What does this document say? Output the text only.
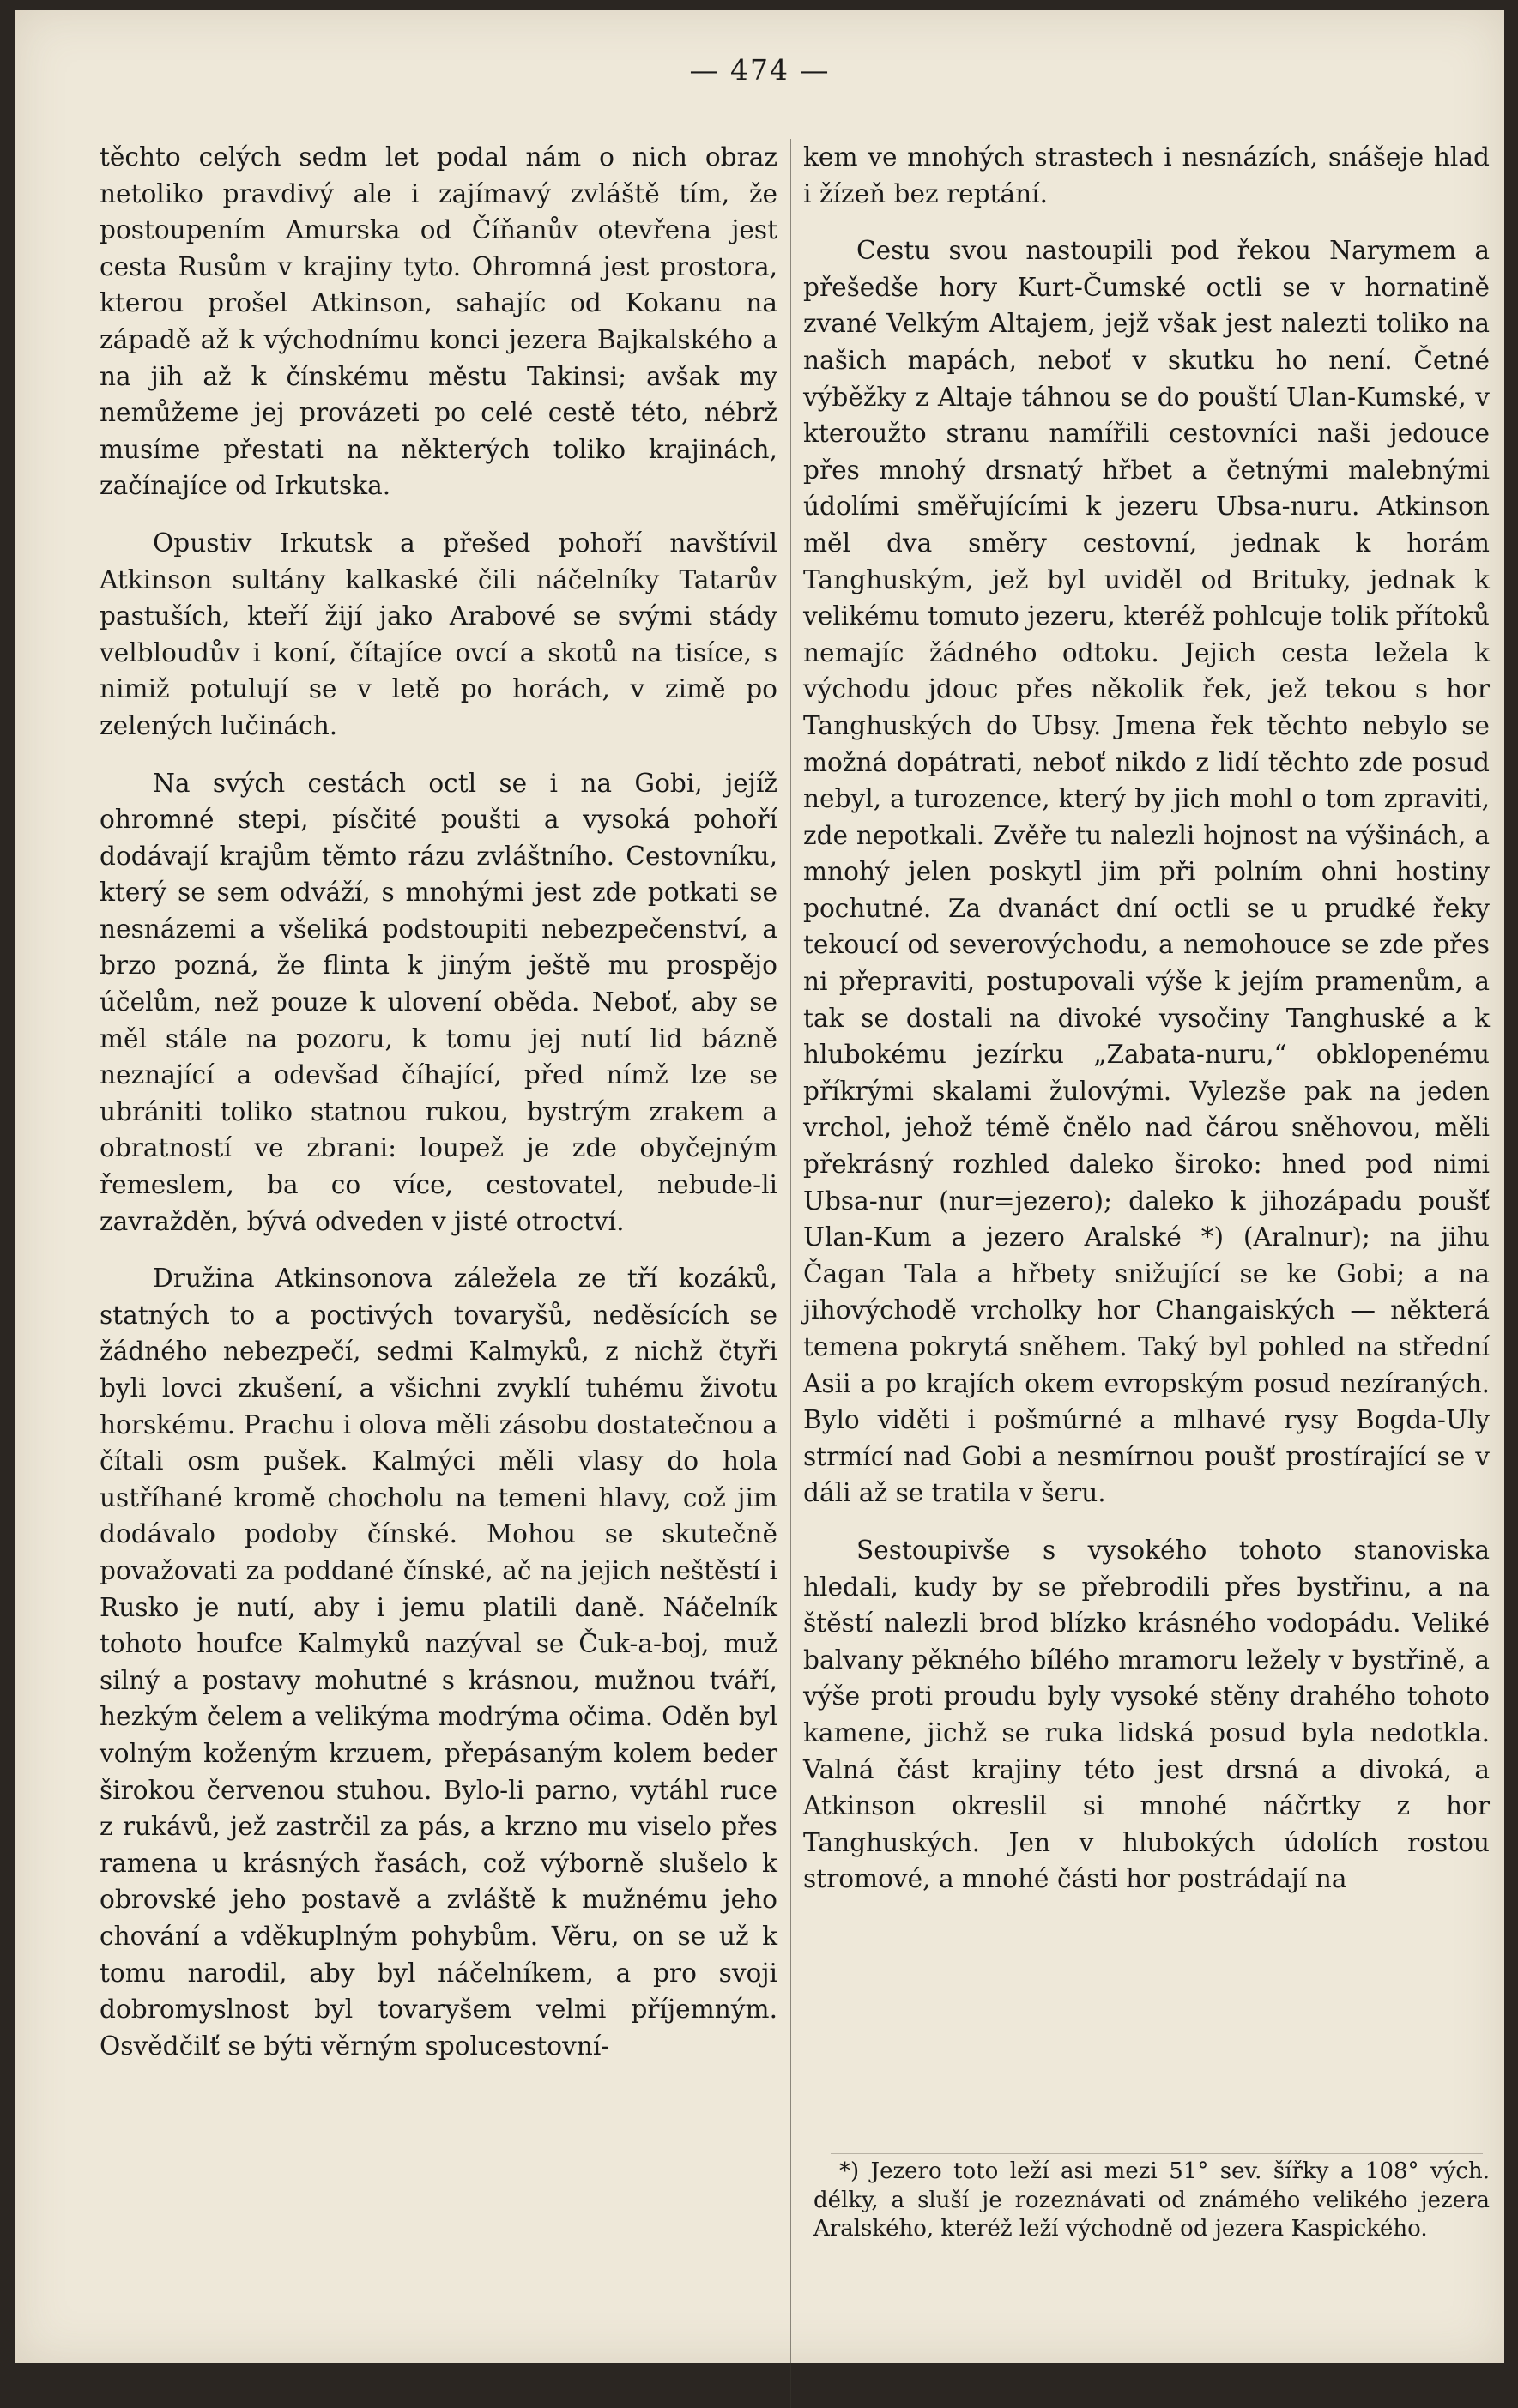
— 474 —

těchto celých sedm let podal nám o nich obraz netoliko pravdivý ale i zajímavý zvláště tím, že postoupením Amurska od Číňanův otevřena jest cesta Rusům v krajiny tyto. Ohromná jest prostora, kterou prošel Atkinson, sahajíc od Kokanu na západě až k východnímu konci jezera Bajkalského a na jih až k čínskému městu Takinsi; avšak my nemůžeme jej provázeti po celé cestě této, nébrž musíme přestati na některých toliko krajinách, začínajíce od Irkutska.

Opustiv Irkutsk a přešed pohoří navštívil Atkinson sultány kalkaské čili náčelníky Tatarův pastuších, kteří žijí jako Arabové se svými stády velbloudův i koní, čítajíce ovcí a skotů na tisíce, s nimiž potulují se v letě po horách, v zimě po zelených lučinách.

Na svých cestách octl se i na Gobi, jejíž ohromné stepi, písčité poušti a vysoká pohoří dodávají krajům těmto rázu zvláštního. Cestovníku, který se sem odváží, s mnohými jest zde potkati se nesnázemi a všeliká podstoupiti nebezpečenství, a brzo pozná, že flinta k jiným ještě mu prospějo účelům, než pouze k ulovení oběda. Neboť, aby se měl stále na pozoru, k tomu jej nutí lid bázně neznající a odevšad číhající, před nímž lze se ubrániti toliko statnou rukou, bystrým zrakem a obratností ve zbrani: loupež je zde obyčejným řemeslem, ba co více, cestovatel, nebude-li zavražděn, bývá odveden v jisté otroctví.

Družina Atkinsonova záležela ze tří kozáků, statných to a poctivých tovaryšů, neděsících se žádného nebezpečí, sedmi Kalmyků, z nichž čtyři byli lovci zkušení, a všichni zvyklí tuhému životu horskému. Prachu i olova měli zásobu dostatečnou a čítali osm pušek. Kalmýci měli vlasy do hola ustříhané kromě chocholu na temeni hlavy, což jim dodávalo podoby čínské. Mohou se skutečně považovati za poddané čínské, ač na jejich neštěstí i Rusko je nutí, aby i jemu platili daně. Náčelník tohoto houfce Kalmyků nazýval se Čuk-a-boj, muž silný a postavy mohutné s krásnou, mužnou tváří, hezkým čelem a velikýma modrýma očima. Oděn byl volným koženým krzuem, přepásaným kolem beder širokou červenou stuhou. Bylo-li parno, vytáhl ruce z rukávů, jež zastrčil za pás, a krzno mu viselo přes ramena u krásných řasách, což výborně slušelo k obrovské jeho postavě a zvláště k mužnému jeho chování a vděkuplným pohybům. Věru, on se už k tomu narodil, aby byl náčelníkem, a pro svoji dobromyslnost byl tovaryšem velmi příjemným. Osvědčilť se býti věrným spolucestovní-

kem ve mnohých strastech i nesnázích, snášeje hlad i žízeň bez reptání.

Cestu svou nastoupili pod řekou Narymem a přešedše hory Kurt-Čumské octli se v hornatině zvané Velkým Altajem, jejž však jest nalezti toliko na našich mapách, neboť v skutku ho není. Četné výběžky z Altaje táhnou se do pouští Ulan-Kumské, v kteroužto stranu namířili cestovníci naši jedouce přes mnohý drsnatý hřbet a četnými malebnými údolími směřujícími k jezeru Ubsa-nuru. Atkinson měl dva směry cestovní, jednak k horám Tanghuským, jež byl uviděl od Brituky, jednak k velikému tomuto jezeru, kteréž pohlcuje tolik přítoků nemajíc žádného odtoku. Jejich cesta ležela k východu jdouc přes několik řek, jež tekou s hor Tanghuských do Ubsy. Jmena řek těchto nebylo se možná dopátrati, neboť nikdo z lidí těchto zde posud nebyl, a turozence, který by jich mohl o tom zpraviti, zde nepotkali. Zvěře tu nalezli hojnost na výšinách, a mnohý jelen poskytl jim při polním ohni hostiny pochutné. Za dvanáct dní octli se u prudké řeky tekoucí od severovýchodu, a nemohouce se zde přes ni přepraviti, postupovali výše k jejím pramenům, a tak se dostali na divoké vysočiny Tanghuské a k hlubokému jezírku „Zabata-nuru,“ obklopenému příkrými skalami žulovými. Vylezše pak na jeden vrchol, jehož témě čnělo nad čárou sněhovou, měli překrásný rozhled daleko široko: hned pod nimi Ubsa-nur (nur=jezero); daleko k jihozápadu poušť Ulan-Kum a jezero Aralské *) (Aralnur); na jihu Čagan Tala a hřbety snižující se ke Gobi; a na jihovýchodě vrcholky hor Changaiských — některá temena pokrytá sněhem. Taký byl pohled na střední Asii a po krajích okem evropským posud nezíraných. Bylo viděti i pošmúrné a mlhavé rysy Bogda-Uly strmící nad Gobi a nesmírnou poušť prostírající se v dáli až se tratila v šeru.

Sestoupivše s vysokého tohoto stanoviska hledali, kudy by se přebrodili přes bystřinu, a na štěstí nalezli brod blízko krásného vodopádu. Veliké balvany pěkného bílého mramoru ležely v bystřině, a výše proti proudu byly vysoké stěny drahého tohoto kamene, jichž se ruka lidská posud byla nedotkla. Valná část krajiny této jest drsná a divoká, a Atkinson okreslil si mnohé náčrtky z hor Tanghuských. Jen v hlubokých údolích rostou stromové, a mnohé části hor postrádají na

*) Jezero toto leží asi mezi 51° sev. šířky a 108° vých. délky, a sluší je rozeznávati od známého velikého jezera Aralského, kteréž leží východně od jezera Kaspického.
